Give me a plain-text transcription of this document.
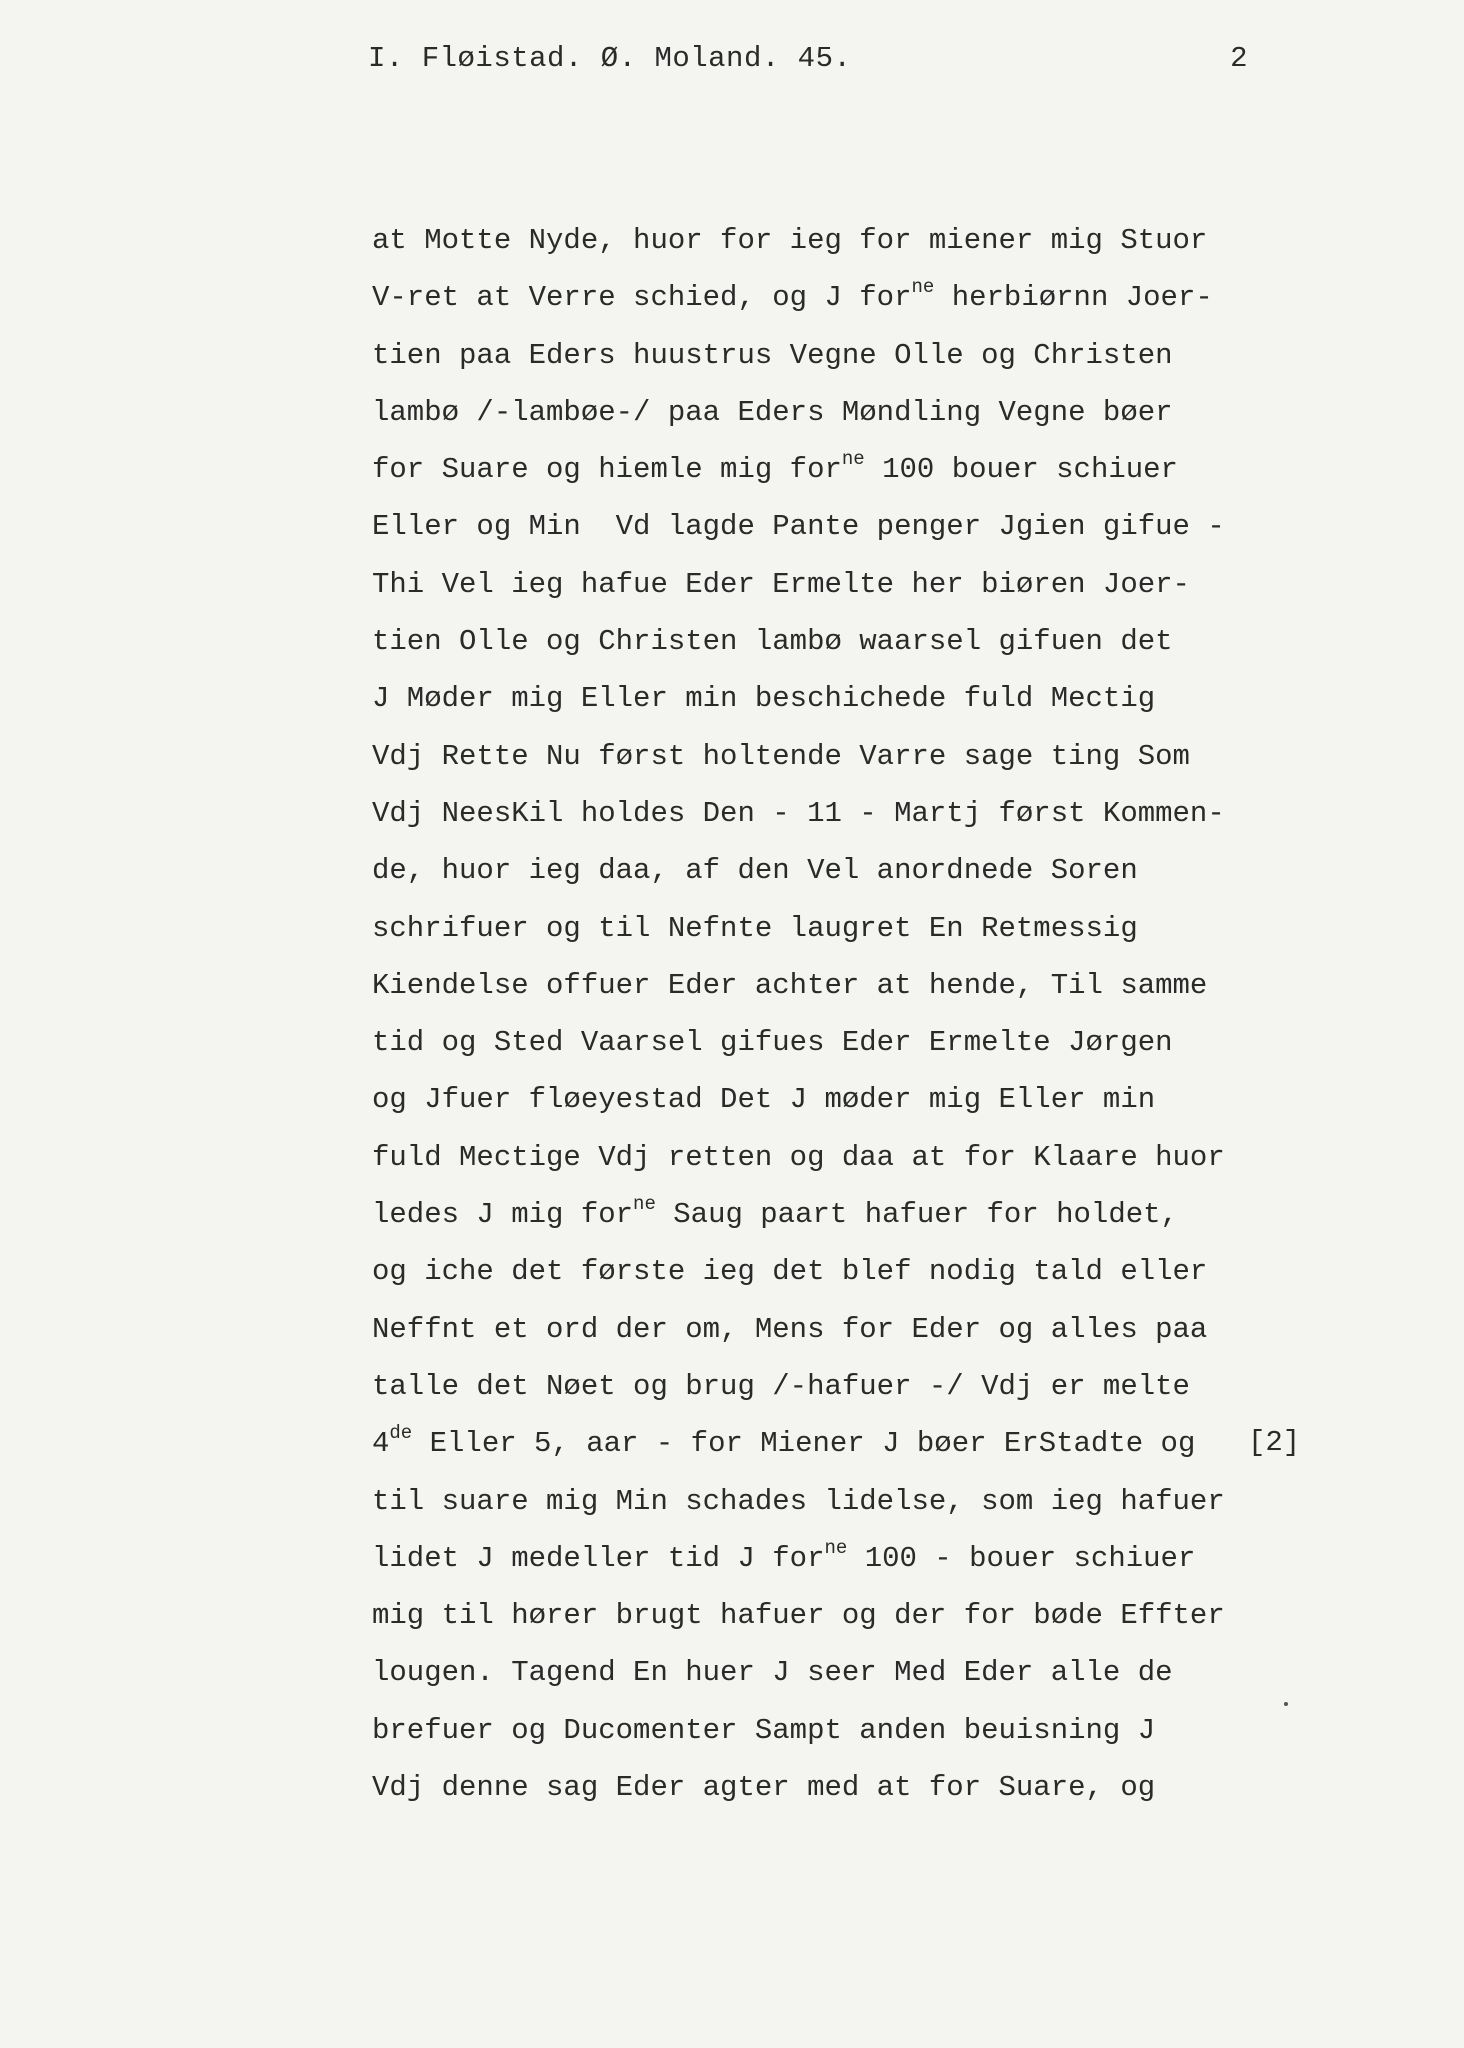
I. Fløistad. Ø. Moland. 45.	2
at Motte Nyde, huor for ieg for miener mig Stuor
V-ret at Verre schied, og J for$^{ne}$ herbiørnn Joer-
tien paa Eders huustrus Vegne Olle og Christen
lambø /-lambøe-/ paa Eders Møndling Vegne bøer
for Suare og hiemle mig for$^{ne}$ 100 bouer schiuer
Eller og Min  Vd lagde Pante penger Jgien gifue -
Thi Vel ieg hafue Eder Ermelte her biøren Joer-
tien Olle og Christen lambø waarsel gifuen det
J Møder mig Eller min beschichede fuld Mectig
Vdj Rette Nu først holtende Varre sage ting Som
Vdj NeesKil holdes Den - 11 - Martj først Kommen-
de, huor ieg daa, af den Vel anordnede Soren
schrifuer og til Nefnte laugret En Retmessig
Kiendelse offuer Eder achter at hende, Til samme
tid og Sted Vaarsel gifues Eder Ermelte Jørgen
og Jfuer fløeyestad Det J møder mig Eller min
fuld Mectige Vdj retten og daa at for Klaare huor
ledes J mig for$^{ne}$ Saug paart hafuer for holdet,
og iche det første ieg det blef nodig tald eller
Neffnt et ord der om, Mens for Eder og alles paa
talle det Nøet og brug /-hafuer -/ Vdj er melte
4de Eller 5, aar - for Miener J bøer ErStadte og
til suare mig Min schades lidelse, som ieg hafuer
lidet J medeller tid J for$^{ne}$ 100 - bouer schiuer
mig til hører brugt hafuer og der for bøde Effter
lougen. Tagend En huer J seer Med Eder alle de
brefuer og Ducomenter Sampt anden beuisning J
Vdj denne sag Eder agter med at for Suare, og
[2]
